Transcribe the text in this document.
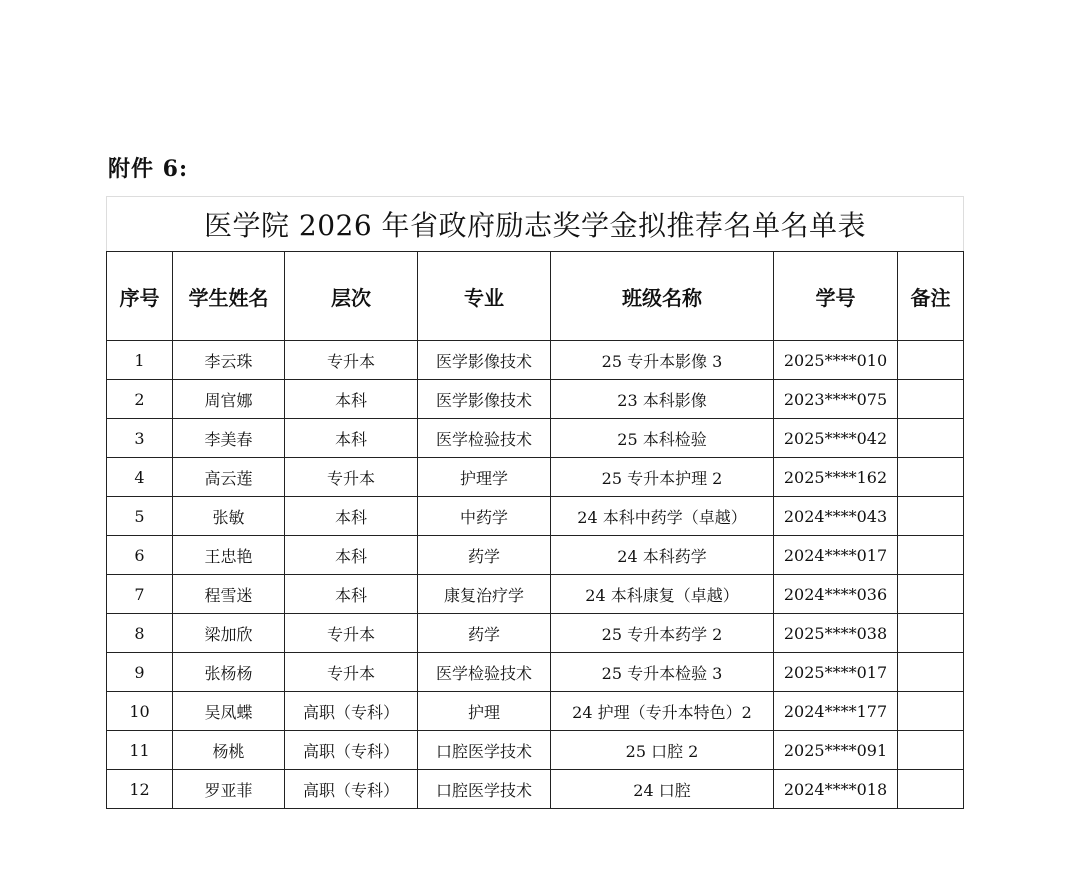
附件 6:
医学院 2026 年省政府励志奖学金拟推荐名单名单表						
序号	学生姓名	层次	专业	班级名称	学号	备注
1	李云珠	专升本	医学影像技术	25 专升本影像 3	2025****010	
2	周官娜	本科	医学影像技术	23 本科影像	2023****075	
3	李美春	本科	医学检验技术	25 本科检验	2025****042	
4	高云莲	专升本	护理学	25 专升本护理 2	2025****162	
5	张敏	本科	中药学	24 本科中药学（卓越）	2024****043	
6	王忠艳	本科	药学	24 本科药学	2024****017	
7	程雪迷	本科	康复治疗学	24 本科康复（卓越）	2024****036	
8	梁加欣	专升本	药学	25 专升本药学 2	2025****038	
9	张杨杨	专升本	医学检验技术	25 专升本检验 3	2025****017	
10	吴凤蝶	高职（专科）	护理	24 护理（专升本特色）2	2024****177	
11	杨桃	高职（专科）	口腔医学技术	25 口腔 2	2025****091	
12	罗亚菲	高职（专科）	口腔医学技术	24 口腔	2024****018	
